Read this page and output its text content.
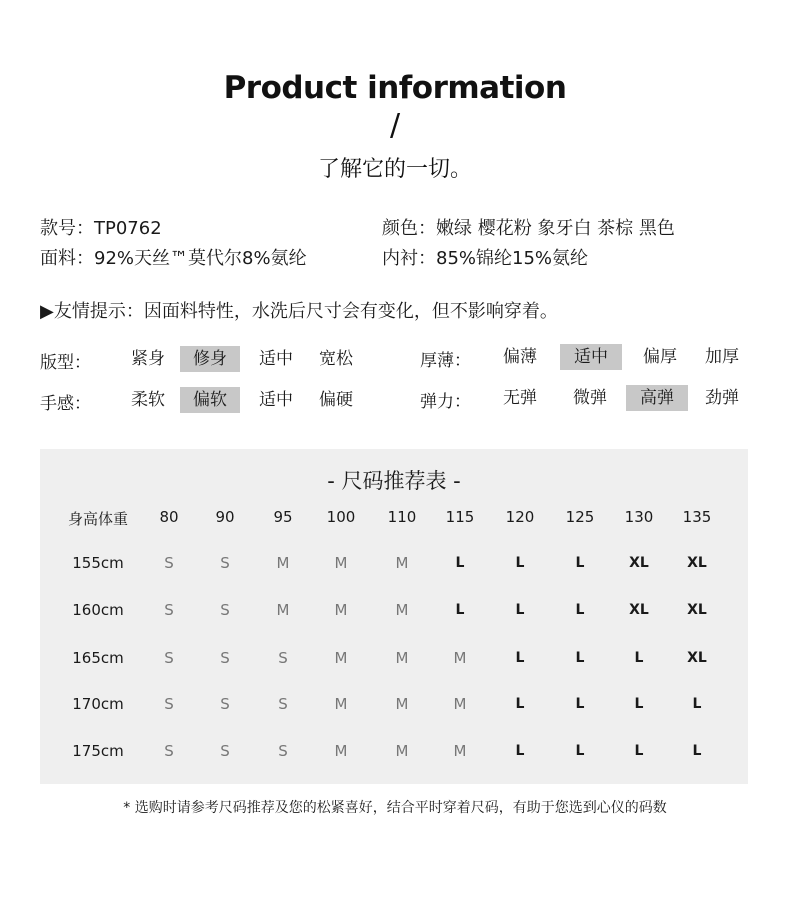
Product information
/
了解它的一切。
款号：TP0762	颜色：嫩绿 樱花粉 象牙白 茶棕 黑色
面料：92%天丝™莫代尔8%氨纶	内衬：85%锦纶15%氨纶
▶友情提示：因面料特性，水洗后尺寸会有变化，但不影响穿着。
版型：	紧身	修身	适中	宽松	厚薄：	偏薄	适中	偏厚	加厚
手感：	柔软	偏软	适中	偏硬	弹力：	无弹	微弹	高弹	劲弹
- 尺码推荐表 -
身高体重	80	90	95	100	110	115	120	125	130	135
155cm	S	S	M	M	M	L	L	L	XL	XL
160cm	S	S	M	M	M	L	L	L	XL	XL
165cm	S	S	S	M	M	M	L	L	L	XL
170cm	S	S	S	M	M	M	L	L	L	L
175cm	S	S	S	M	M	M	L	L	L	L
* 选购时请参考尺码推荐及您的松紧喜好，结合平时穿着尺码，有助于您选到心仪的码数
